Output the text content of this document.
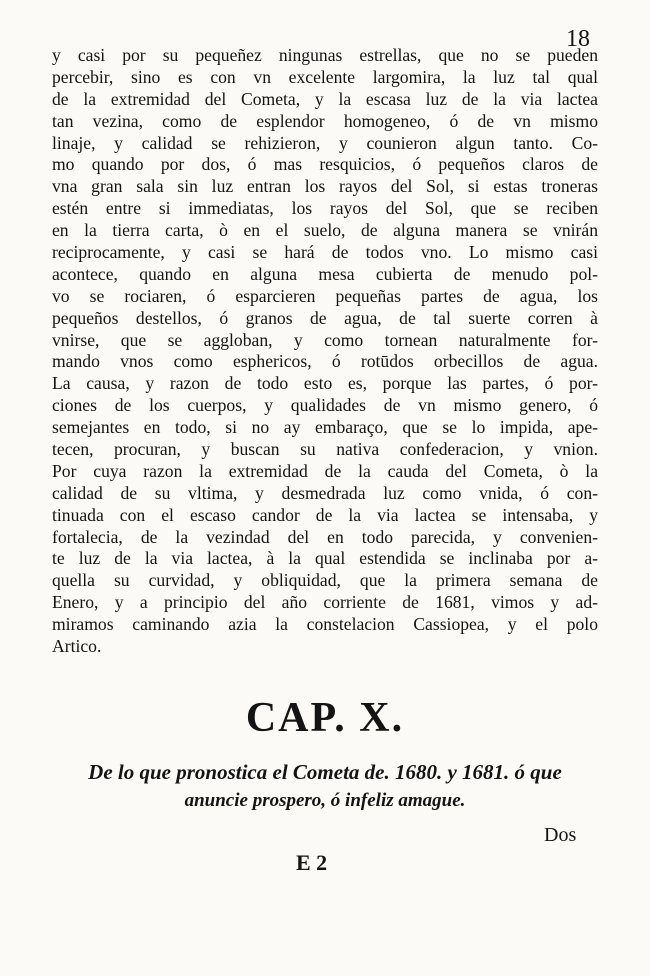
18
y casi por su pequeñez ningunas estrellas, que no se pueden
percebir, sino es con vn excelente largomira, la luz tal qual
de la extremidad del Cometa, y la escasa luz de la via lactea
tan vezina, como de esplendor homogeneo, ó de vn mismo
linaje, y calidad se rehizieron, y counieron algun tanto. Co-
mo quando por dos, ó mas resquicios, ó pequeños claros de
vna gran sala sin luz entran los rayos del Sol, si estas troneras
estén entre si immediatas, los rayos del Sol, que se reciben
en la tierra carta, ò en el suelo, de alguna manera se vnirán
reciprocamente, y casi se hará de todos vno. Lo mismo casi
acontece, quando en alguna mesa cubierta de menudo pol-
vo se rociaren, ó esparcieren pequeñas partes de agua, los
pequeños destellos, ó granos de agua, de tal suerte corren à
vnirse, que se aggloban, y como tornean naturalmente for-
mando vnos como esphericos, ó rotūdos orbecillos de agua.
La causa, y razon de todo esto es, porque las partes, ó por-
ciones de los cuerpos, y qualidades de vn mismo genero, ó
semejantes en todo, si no ay embaraço, que se lo impida, ape-
tecen, procuran, y buscan su nativa confederacion, y vnion.
Por cuya razon la extremidad de la cauda del Cometa, ò la
calidad de su vltima, y desmedrada luz como vnida, ó con-
tinuada con el escaso candor de la via lactea se intensaba, y
fortalecia, de la vezindad del en todo parecida, y convenien-
te luz de la via lactea, à la qual estendida se inclinaba por a-
quella su curvidad, y obliquidad, que la primera semana de
Enero, y a principio del año corriente de 1681, vimos y ad-
miramos caminando azia la constelacion Cassiopea, y el polo
Artico.
CAP. X.
De lo que pronostica el Cometa de. 1680. y 1681. ó que
anuncie prospero, ó infeliz amague.
Dos
E 2
